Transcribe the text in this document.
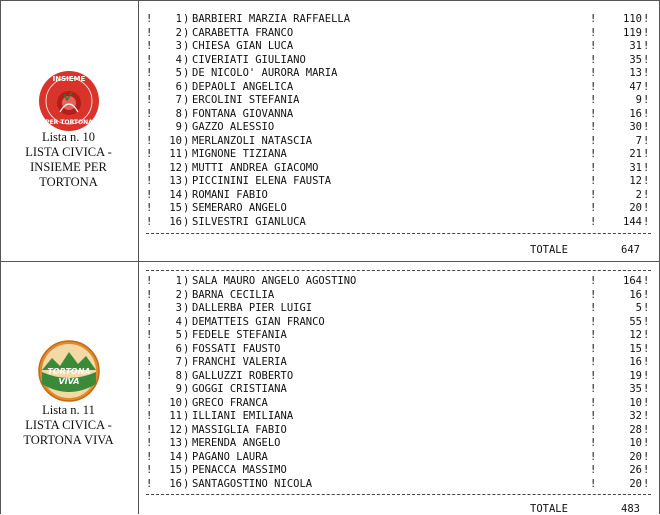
INSIEME
PER TORTONA
Lista n. 10
LISTA CIVICA -
INSIEME PER
TORTONA
!	1 ) BARBIERI MARZIA RAFFAELLA	!	110 !
!	2 ) CARABETTA FRANCO	!	119 !
!	3 ) CHIESA GIAN LUCA	!	31 !
!	4 ) CIVERIATI GIULIANO	!	35 !
!	5 ) DE NICOLO' AURORA MARIA	!	13 !
!	6 ) DEPAOLI ANGELICA	!	47 !
!	7 ) ERCOLINI STEFANIA	!	9 !
!	8 ) FONTANA GIOVANNA	!	16 !
!	9 ) GAZZO ALESSIO	!	30 !
!	10 ) MERLANZOLI NATASCIA	!	7 !
!	11 ) MIGNONE TIZIANA	!	21 !
!	12 ) MUTTI ANDREA GIACOMO	!	31 !
!	13 ) PICCININI ELENA FAUSTA	!	12 !
!	14 ) ROMANI FABIO	!	2 !
!	15 ) SEMERARO ANGELO	!	20 !
!	16 ) SILVESTRI GIANLUCA	!	144 !
TOTALE	647
TORTONA
VIVA
Lista n. 11
LISTA CIVICA -
TORTONA VIVA
!	1 ) SALA MAURO ANGELO AGOSTINO	!	164 !
!	2 ) BARNA CECILIA	!	16 !
!	3 ) DALLERBA PIER LUIGI	!	5 !
!	4 ) DEMATTEIS GIAN FRANCO	!	55 !
!	5 ) FEDELE STEFANIA	!	12 !
!	6 ) FOSSATI FAUSTO	!	15 !
!	7 ) FRANCHI VALERIA	!	16 !
!	8 ) GALLUZZI ROBERTO	!	19 !
!	9 ) GOGGI CRISTIANA	!	35 !
!	10 ) GRECO FRANCA	!	10 !
!	11 ) ILLIANI EMILIANA	!	32 !
!	12 ) MASSIGLIA FABIO	!	28 !
!	13 ) MERENDA ANGELO	!	10 !
!	14 ) PAGANO LAURA	!	20 !
!	15 ) PENACCA MASSIMO	!	26 !
!	16 ) SANTAGOSTINO NICOLA	!	20 !
TOTALE	483
